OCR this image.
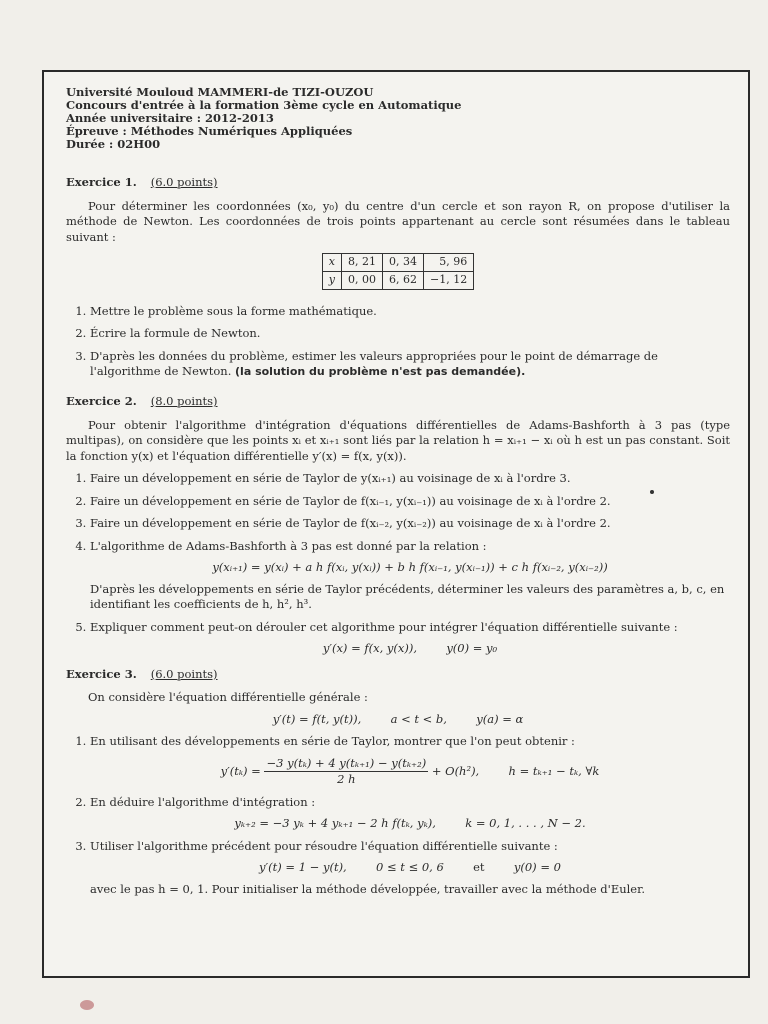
Université Mouloud MAMMERI-de TIZI-OUZOU

Concours d'entrée à la formation 3ème cycle en Automatique

Année universitaire : 2012-2013

Épreuve : Méthodes Numériques Appliquées

Durée : 02H00

Exercice 1. (6.0 points)

Pour déterminer les coordonnées (x₀, y₀) du centre d'un cercle et son rayon R, on propose d'utiliser la méthode de Newton. Les coordonnées de trois points appartenant au cercle sont résumées dans le tableau suivant :

x	8, 21	0, 34	5, 96
y	0, 00	6, 62	−1, 12
1. Mettre le problème sous la forme mathématique.
2. Écrire la formule de Newton.
3. D'après les données du problème, estimer les valeurs appropriées pour le point de démarrage de l'algorithme de Newton. (la solution du problème n'est pas demandée).
Exercice 2. (8.0 points)

Pour obtenir l'algorithme d'intégration d'équations différentielles de Adams-Bashforth à 3 pas (type multipas), on considère que les points xᵢ et xᵢ₊₁ sont liés par la relation h = xᵢ₊₁ − xᵢ où h est un pas constant. Soit la fonction y(x) et l'équation différentielle y′(x) = f(x, y(x)).

1. Faire un développement en série de Taylor de y(xᵢ₊₁) au voisinage de xᵢ à l'ordre 3.
2. Faire un développement en série de Taylor de f(xᵢ₋₁, y(xᵢ₋₁)) au voisinage de xᵢ à l'ordre 2.
3. Faire un développement en série de Taylor de f(xᵢ₋₂, y(xᵢ₋₂)) au voisinage de xᵢ à l'ordre 2.
4. L'algorithme de Adams-Bashforth à 3 pas est donné par la relation :
y(xᵢ₊₁) = y(xᵢ) + a h f(xᵢ, y(xᵢ)) + b h f(xᵢ₋₁, y(xᵢ₋₁)) + c h f(xᵢ₋₂, y(xᵢ₋₂))
D'après les développements en série de Taylor précédents, déterminer les valeurs des paramètres a, b, c, en identifiant les coefficients de h, h², h³.
5. Expliquer comment peut-on dérouler cet algorithme pour intégrer l'équation différentielle suivante :
y′(x) = f(x, y(x)),	y(0) = y₀
Exercice 3. (6.0 points)

On considère l'équation différentielle générale :

y′(t) = f(t, y(t)),	a < t < b,	y(a) = α
1. En utilisant des développements en série de Taylor, montrer que l'on peut obtenir :
$y'(t_k) = \frac{\text{−3 y(tₖ) + 4 y(tₖ₊₁) − y(tₖ₊₂)}}{2 h} + O(h^2)$,	h = tₖ₊₁ − tₖ, ∀k
2. En déduire l'algorithme d'intégration :
yₖ₊₂ = −3 yₖ + 4 yₖ₊₁ − 2 h f(tₖ, yₖ),	k = 0, 1, . . . , N − 2.
3. Utiliser l'algorithme précédent pour résoudre l'équation différentielle suivante :
y′(t) = 1 − y(t),	0 ≤ t ≤ 0, 6	et	y(0) = 0
avec le pas h = 0, 1. Pour initialiser la méthode développée, travailler avec la méthode d'Euler.
